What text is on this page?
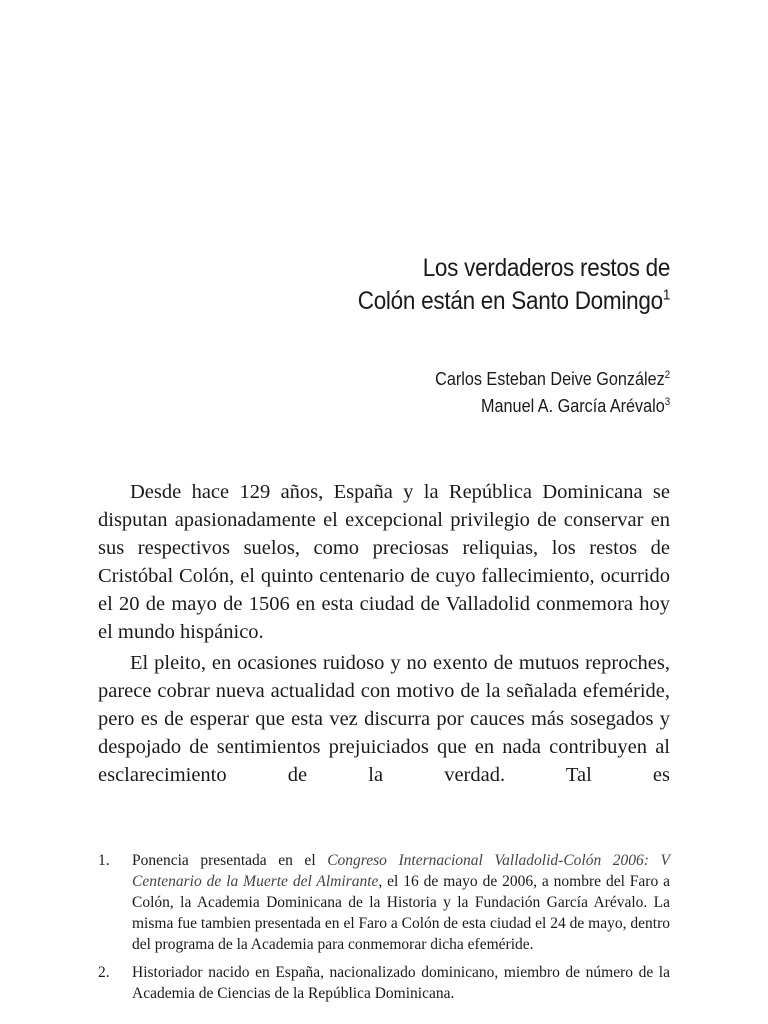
Los verdaderos restos de
Colón están en Santo Domingo$^1$
Carlos Esteban Deive González$^2$
Manuel A. García Arévalo$^3$

Desde hace 129 años, España y la República Dominicana se disputan apasionadamente el excepcional privilegio de conservar en sus respectivos suelos, como preciosas reliquias, los restos de Cristóbal Colón, el quinto centenario de cuyo fallecimiento, ocurrido el 20 de mayo de 1506 en esta ciudad de Valladolid conmemora hoy el mundo hispánico.

El pleito, en ocasiones ruidoso y no exento de mutuos reproches, parece cobrar nueva actualidad con motivo de la señalada efeméride, pero es de esperar que esta vez discurra por cauces más sosegados y despojado de sentimientos prejuiciados que en nada contribuyen al esclarecimiento de la verdad. Tal es

1.	Ponencia presentada en el Congreso Internacional Valladolid-Colón 2006: V Centenario de la Muerte del Almirante, el 16 de mayo de 2006, a nombre del Faro a Colón, la Academia Dominicana de la Historia y la Fundación García Arévalo. La misma fue tambien presentada en el Faro a Colón de esta ciudad el 24 de mayo, dentro del programa de la Academia para conmemorar dicha efeméride.
2.	Historiador nacido en España, nacionalizado dominicano, miembro de número de la Academia de Ciencias de la República Dominicana.
